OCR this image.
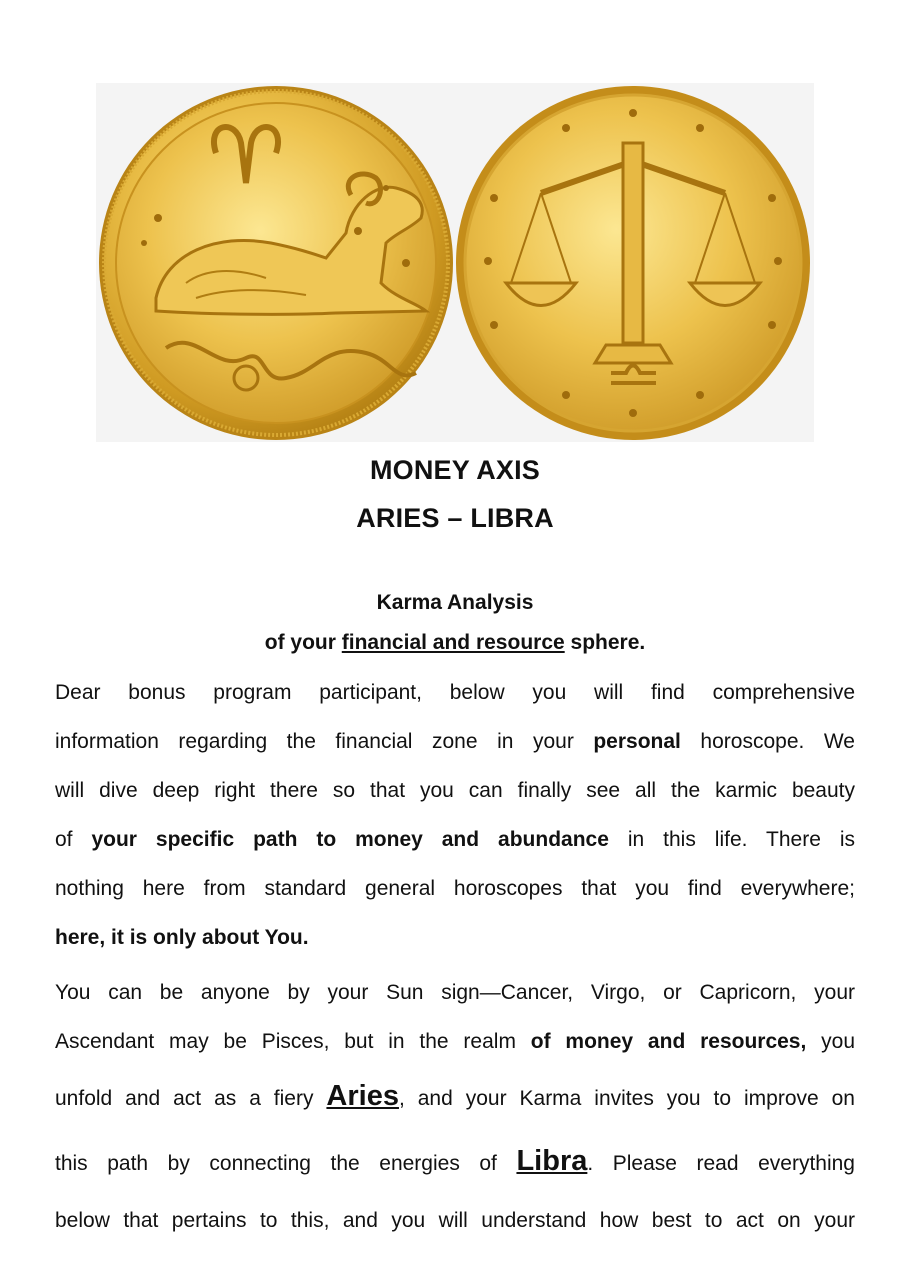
MONEY AXIS
ARIES – LIBRA
Karma Analysis
of your financial and resource sphere.
Dear bonus program participant, below you will find comprehensive
information regarding the financial zone in your personal horoscope. We
will dive deep right there so that you can finally see all the karmic beauty
of your specific path to money and abundance in this life. There is
nothing here from standard general horoscopes that you find everywhere;
here, it is only about You.
You can be anyone by your Sun sign—Cancer, Virgo, or Capricorn, your
Ascendant may be Pisces, but in the realm of money and resources, you
unfold and act as a fiery Aries, and your Karma invites you to improve on
this path by connecting the energies of Libra. Please read everything
below that pertains to this, and you will understand how best to act on your
